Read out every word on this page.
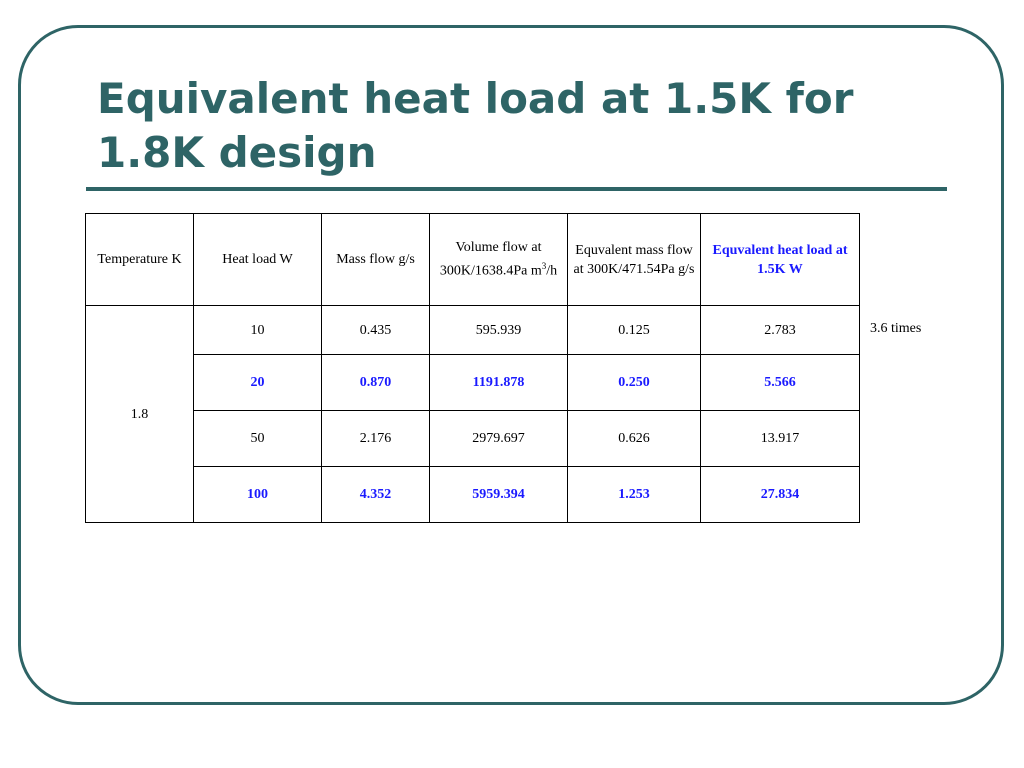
Equivalent heat load at 1.5K for 1.8K design
Temperature K	Heat load W	Mass flow g/s	Volume flow at 300K/1638.4Pa $m^3/h$	Equvalent mass flow at 300K/471.54Pa g/s	Equvalent heat load at 1.5K W
1.8	10	0.435	595.939	0.125	2.783
	20	0.870	1191.878	0.250	5.566
	50	2.176	2979.697	0.626	13.917
	100	4.352	5959.394	1.253	27.834
3.6 times
